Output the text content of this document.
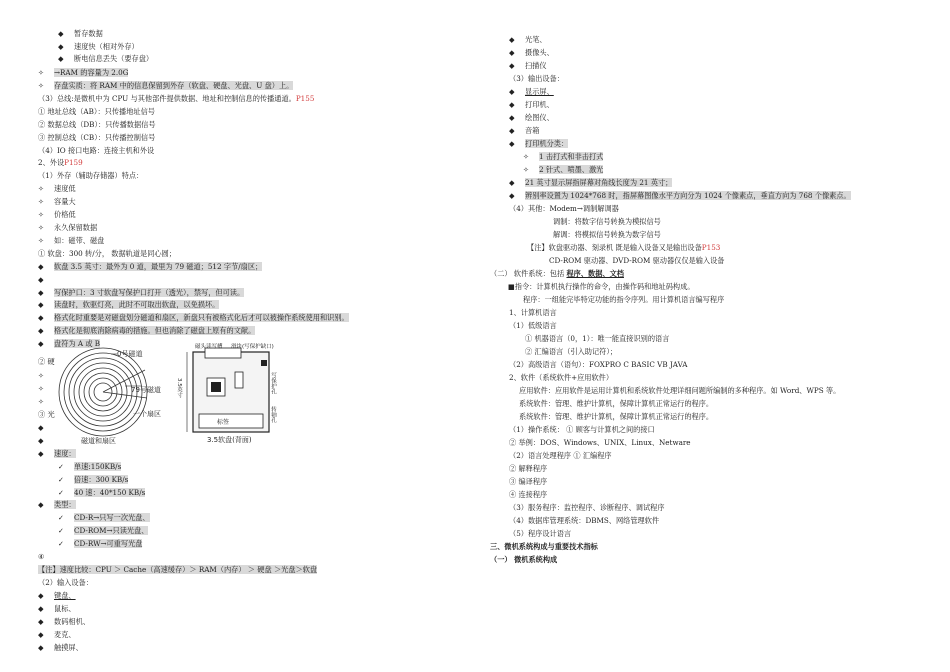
◆ 暂存数据
◆ 速度快（相对外存）
◆ 断电信息丢失（要存盘）
✧ →RAM 的容量为 2.0G
✧ 存盘实质：将 RAM 中的信息保留到外存（软盘、硬盘、光盘、U 盘）上。
（3）总线:是微机中为 CPU 与其他部件提供数据、地址和控制信息的传播通道。P155
① 地址总线（AB）：只传播地址信号
② 数据总线（DB）：只传播数据信号
③ 控制总线（CB）：只传播控制信号
（4）IO 接口电路：连接主机和外设
2、外设P159
（1）外存（辅助存储器）特点：
✧ 速度低
✧ 容量大
✧ 价格低
✧ 永久保留数据
✧ 如：磁带、磁盘
① 软盘：300 转/分， 数据轨道是同心圆；
◆ 软盘 3.5 英寸：最外为 0 道，最里为 79 磁道；512 字节/扇区；
◆
◆ 写保护口：3 寸软盘写保护口打开（透光），禁写，但可读。
◆ 读盘时，软驱灯亮，此时不可取出软盘，以免损坏。
◆ 格式化时重要是对磁盘划分磁道和扇区，新盘只有被格式化后才可以被操作系统使用和识别。
◆ 格式化是彻底消除病毒的措施。但也消除了磁盘上原有的文献。
◆ 盘符为 A 或 B
② 硬
✧
✧
✧
③ 光
◆
◆
◆ 速度：
✓ 单速:150KB/s
✓ 倍速：300 KB/s
✓ 40 速：40*150 KB/s
◆ 类型：
✓ CD-R→只写一次光盘、
✓ CD-ROM→只读光盘、
✓ CD-RW→可重写光盘
④
【注】速度比较：CPU ＞ Cache（高速缓存）＞ RAM（内存） ＞ 硬盘 ＞光盘＞软盘
（2）输入设备：
◆ 键盘、
◆ 鼠标、
◆ 数码相机、
◆ 麦克、
◆ 触摸屏、
◆ 光笔、
◆ 摄像头、
◆ 扫描仪
（3）输出设备：
◆ 显示屏、
◆ 打印机、
◆ 绘图仪、
◆ 音箱
◆ 打印机分类：
✧ 1 击打式和非击打式
✧ 2 针式、喷墨、激光
◆ 21 英寸显示屏指屏幕对角线长度为 21 英寸；
◆ 辨别率设置为 1024*768 时，指屏幕图像水平方向分为 1024 个像素点，垂直方向为 768 个像素点。
（4）其他：Modem→调制解调器
调制：将数字信号转换为模拟信号
解调：将模拟信号转换为数字信号
【注】软盘驱动器、刻录机 既是输入设备又是输出设备P153
CD-ROM 驱动器、DVD-ROM 驱动器仅仅是输入设备
（二） 软件系统：包括 程序、数据、文档
■指令：计算机执行操作的命令，由操作码和地址码构成。
程序：一组能完毕特定功能的指令序列。用计算机语言编写程序
1、计算机语言
（1）低级语言
① 机器语言（0，1）：唯一能直接识别的语言
② 汇编语言（引入助记符）；
（2）高级语言（语句）：FOXPRO C BASIC VB JAVA
2、软件（系统软件+应用软件）
应用软件：应用软件是运用计算机和系统软件处理详细问题所编制的多种程序。如 Word、WPS 等。
系统软件：管理、维护计算机，保障计算机正常运行的程序。
系统软件：管理、维护计算机，保障计算机正常运行的程序。
（1）操作系统： ① 顾客与计算机之间的接口
② 举例：DOS、Windows、UNIX、Linux、Netware
（2）语言处理程序 ① 汇编程序
② 解释程序
③ 编译程序
④ 连接程序
（3）服务程序：监控程序、诊断程序、调试程序
（4）数据库管理系统：DBMS、网络管理软件
（5）程序设计语言
三、微机系统构成与重要技术指标
（一） 微机系统构成
0号磁道
79号磁道
一个扇区
磁道和扇区
磁头读写槽 滑块(写保护缺口)
写保护孔
标签
3.5英寸
转轴孔
3.5软盘(背面)
